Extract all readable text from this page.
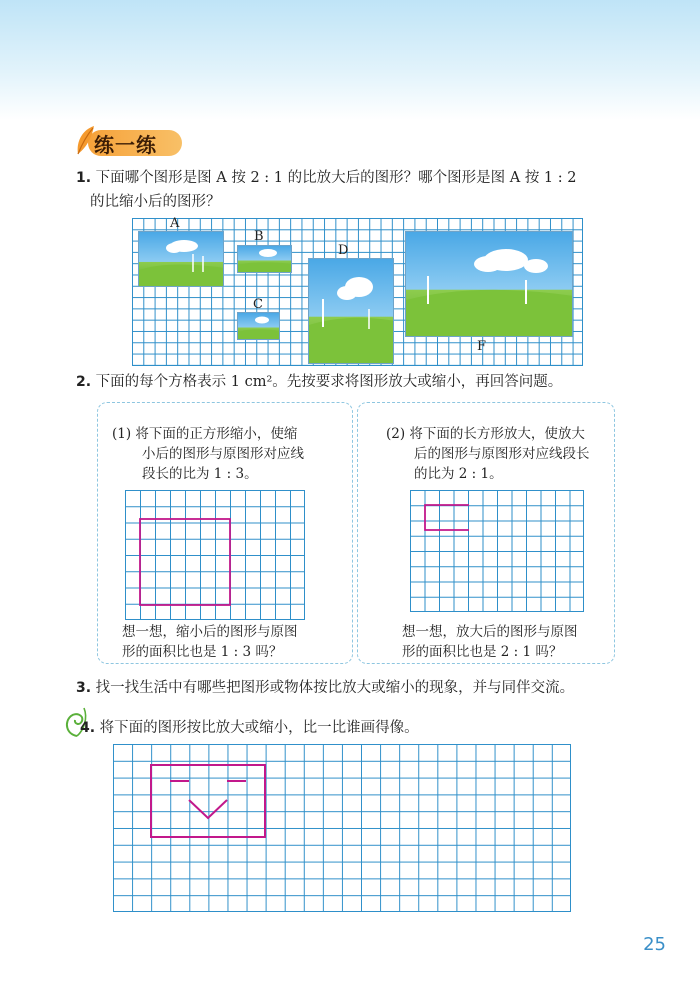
练一练
1. 下面哪个图形是图 A 按 2 : 1 的比放大后的图形？哪个图形是图 A 按 1 : 2
的比缩小后的图形？
A
B
C
D
F
2. 下面的每个方格表示 1 cm²。先按要求将图形放大或缩小，再回答问题。
(1) 将下面的正方形缩小，使缩
小后的图形与原图形对应线
段长的比为 1 : 3。
(2) 将下面的长方形放大，使放大
后的图形与原图形对应线段长
的比为 2 : 1。
想一想，缩小后的图形与原图
形的面积比也是 1 : 3 吗？
想一想，放大后的图形与原图
形的面积比也是 2 : 1 吗？
3. 找一找生活中有哪些把图形或物体按比放大或缩小的现象，并与同伴交流。
4. 将下面的图形按比放大或缩小，比一比谁画得像。
25
